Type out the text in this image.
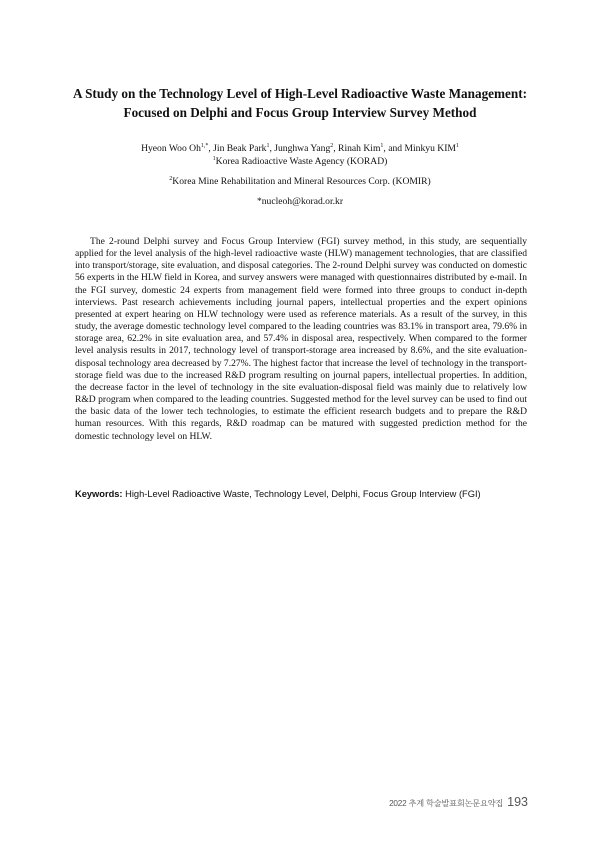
A Study on the Technology Level of High-Level Radioactive Waste Management:
Focused on Delphi and Focus Group Interview Survey Method
Hyeon Woo $Oh^{1,*}$, Jin Beak Park$^1$, Junghwa Yang$^2$, Rinah Kim$^1$, and Minkyu KIM$^1$
$^1$Korea Radioactive Waste Agency (KORAD)
$^2$Korea Mine Rehabilitation and Mineral Resources Corp. (KOMIR)
*nucleoh@korad.or.kr

The 2-round Delphi survey and Focus Group Interview (FGI) survey method, in this study, are sequentially applied for the level analysis of the high-level radioactive waste (HLW) management technologies, that are classified into transport/storage, site evaluation, and disposal categories. The 2-round Delphi survey was conducted on domestic 56 experts in the HLW field in Korea, and survey answers were managed with questionnaires distributed by e-mail. In the FGI survey, domestic 24 experts from management field were formed into three groups to conduct in-depth interviews. Past research achievements including journal papers, intellectual properties and the expert opinions presented at expert hearing on HLW technology were used as reference materials. As a result of the survey, in this study, the average domestic technology level compared to the leading countries was 83.1% in transport area, 79.6% in storage area, 62.2% in site evaluation area, and 57.4% in disposal area, respectively. When compared to the former level analysis results in 2017, technology level of transport-storage area increased by 8.6%, and the site evaluation-disposal technology area decreased by 7.27%. The highest factor that increase the level of technology in the transport-storage field was due to the increased R&D program resulting on journal papers, intellectual properties. In addition, the decrease factor in the level of technology in the site evaluation-disposal field was mainly due to relatively low R&D program when compared to the leading countries. Suggested method for the level survey can be used to find out the basic data of the lower tech technologies, to estimate the efficient research budgets and to prepare the R&D human resources. With this regards, R&D roadmap can be matured with suggested prediction method for the domestic technology level on HLW.

Keywords: High-Level Radioactive Waste, Technology Level, Delphi, Focus Group Interview (FGI)

2022 추계 학술발표회논문요약집 193
